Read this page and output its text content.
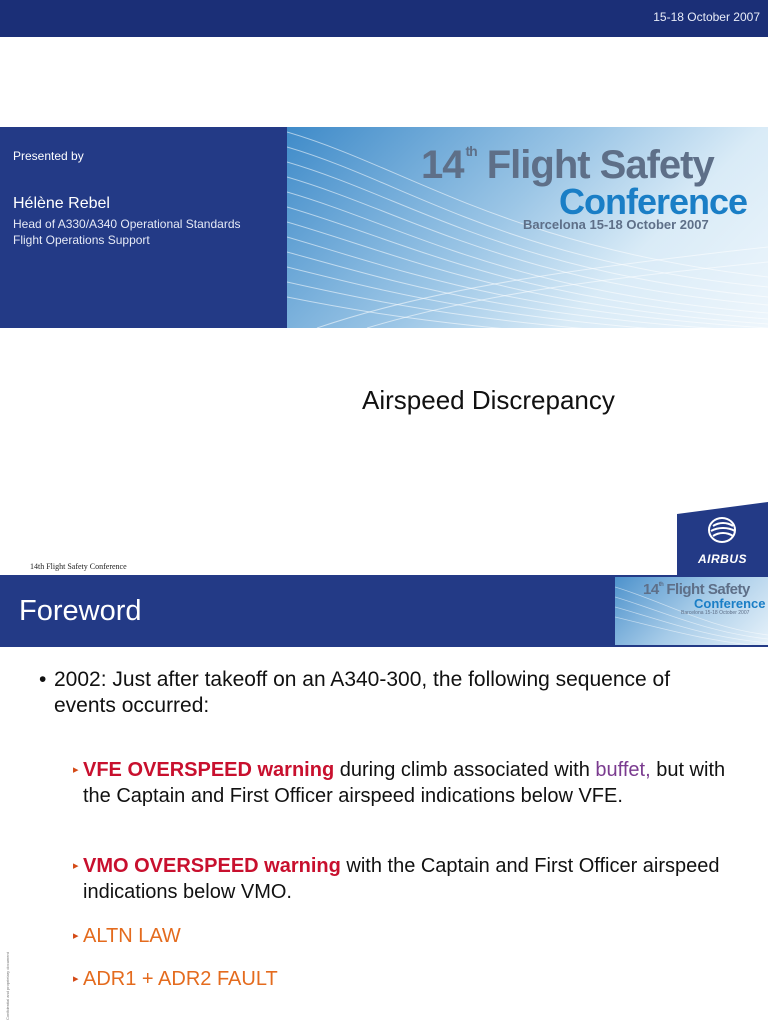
15-18 October 2007
Presented by
Hélène Rebel
Head of A330/A340 Operational Standards
Flight Operations Support
14 $^{th}$ Flight Safety
Conference
Barcelona 15-18 October 2007
Airspeed Discrepancy
14th Flight Safety Conference
AIRBUS
Foreword
14th Flight Safety
Conference
Barcelona 15-18 October 2007
• 2002: Just after takeoff on an A340-300, the following sequence of events occurred:
▸ VFE OVERSPEED warning during climb associated with buffet, but with the Captain and First Officer airspeed indications below VFE.
▸ VMO OVERSPEED warning with the Captain and First Officer airspeed indications below VMO.
▸ ALTN LAW
▸ ADR1 + ADR2 FAULT
Confidential and proprietary document
